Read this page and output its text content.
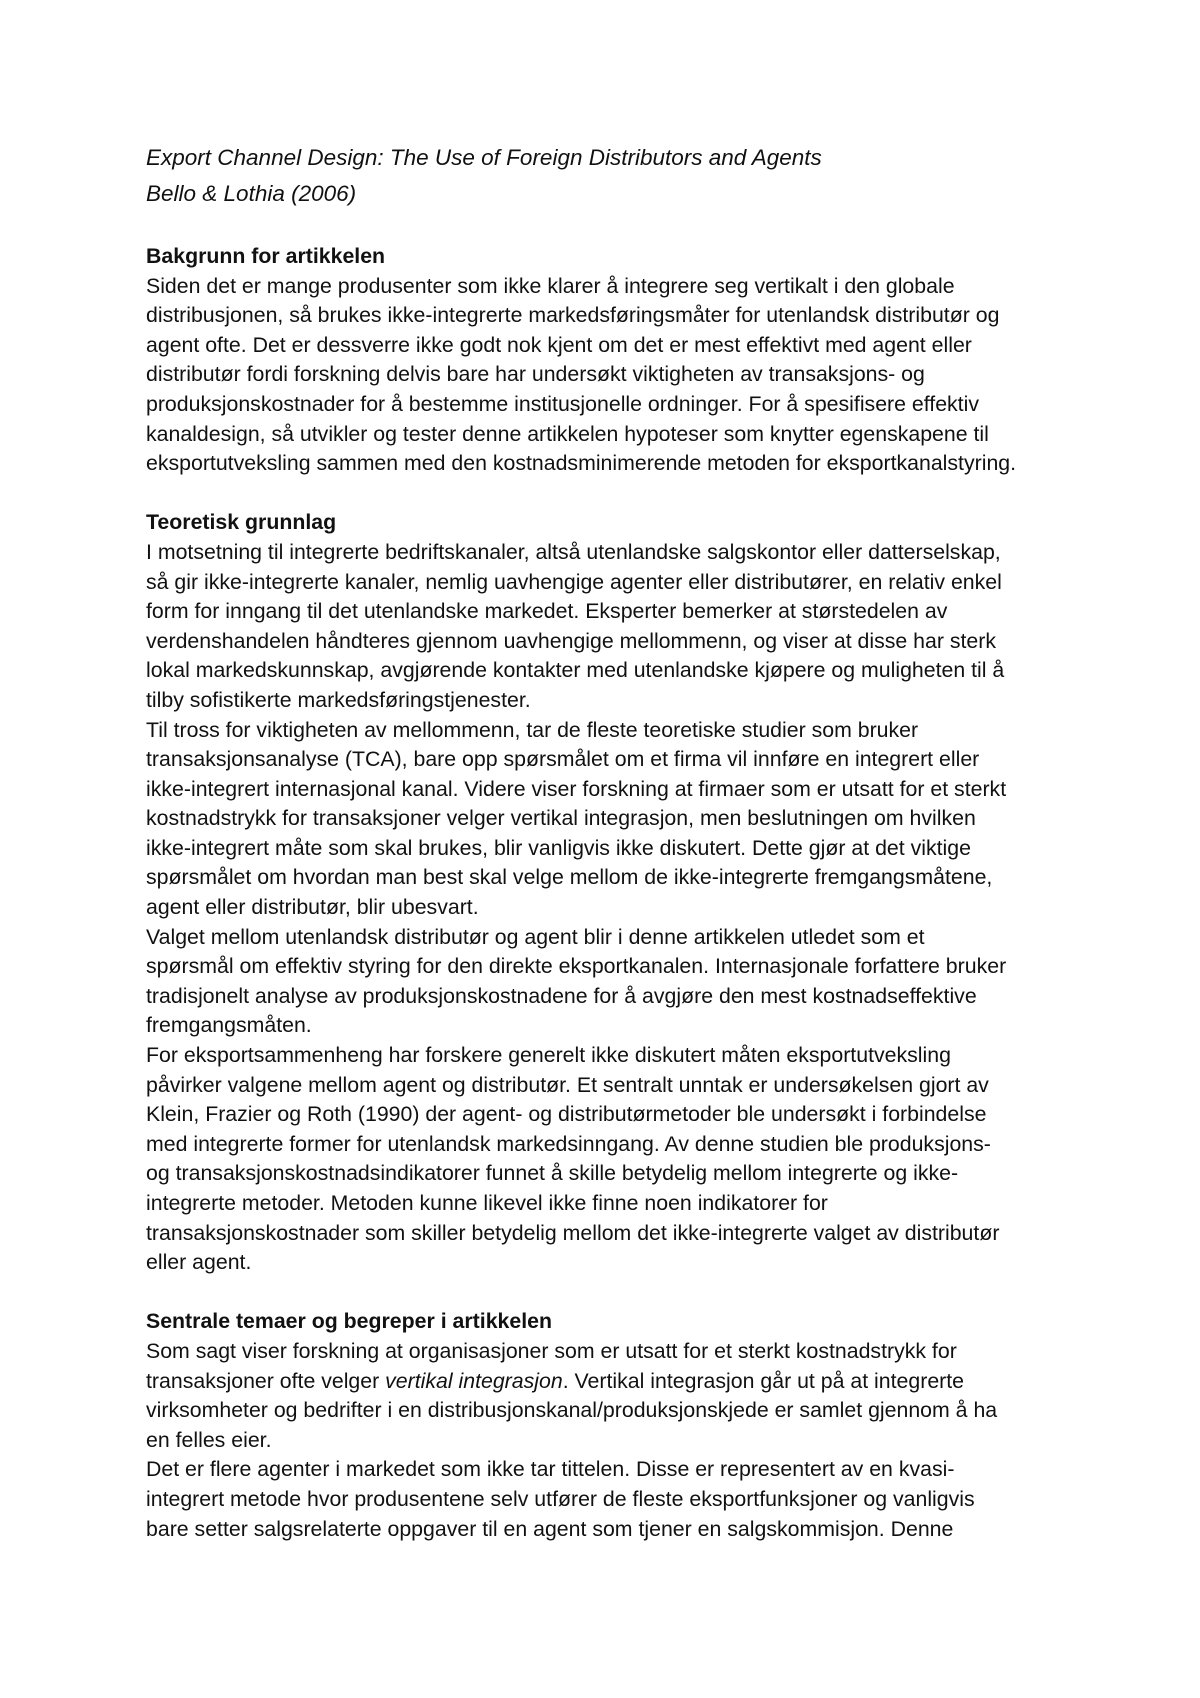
Export Channel Design: The Use of Foreign Distributors and Agents

Bello & Lothia (2006)

Bakgrunn for artikkelen

Siden det er mange produsenter som ikke klarer å integrere seg vertikalt i den globale
distribusjonen, så brukes ikke-integrerte markedsføringsmåter for utenlandsk distributør og
agent ofte. Det er dessverre ikke godt nok kjent om det er mest effektivt med agent eller
distributør fordi forskning delvis bare har undersøkt viktigheten av transaksjons- og
produksjonskostnader for å bestemme institusjonelle ordninger. For å spesifisere effektiv
kanaldesign, så utvikler og tester denne artikkelen hypoteser som knytter egenskapene til
eksportutveksling sammen med den kostnadsminimerende metoden for eksportkanalstyring.

Teoretisk grunnlag

I motsetning til integrerte bedriftskanaler, altså utenlandske salgskontor eller datterselskap,
så gir ikke-integrerte kanaler, nemlig uavhengige agenter eller distributører, en relativ enkel
form for inngang til det utenlandske markedet. Eksperter bemerker at størstedelen av
verdenshandelen håndteres gjennom uavhengige mellommenn, og viser at disse har sterk
lokal markedskunnskap, avgjørende kontakter med utenlandske kjøpere og muligheten til å
tilby sofistikerte markedsføringstjenester.
Til tross for viktigheten av mellommenn, tar de fleste teoretiske studier som bruker
transaksjonsanalyse (TCA), bare opp spørsmålet om et firma vil innføre en integrert eller
ikke-integrert internasjonal kanal. Videre viser forskning at firmaer som er utsatt for et sterkt
kostnadstrykk for transaksjoner velger vertikal integrasjon, men beslutningen om hvilken
ikke-integrert måte som skal brukes, blir vanligvis ikke diskutert. Dette gjør at det viktige
spørsmålet om hvordan man best skal velge mellom de ikke-integrerte fremgangsmåtene,
agent eller distributør, blir ubesvart.
Valget mellom utenlandsk distributør og agent blir i denne artikkelen utledet som et
spørsmål om effektiv styring for den direkte eksportkanalen. Internasjonale forfattere bruker
tradisjonelt analyse av produksjonskostnadene for å avgjøre den mest kostnadseffektive
fremgangsmåten.
For eksportsammenheng har forskere generelt ikke diskutert måten eksportutveksling
påvirker valgene mellom agent og distributør. Et sentralt unntak er undersøkelsen gjort av
Klein, Frazier og Roth (1990) der agent- og distributørmetoder ble undersøkt i forbindelse
med integrerte former for utenlandsk markedsinngang. Av denne studien ble produksjons-
og transaksjonskostnadsindikatorer funnet å skille betydelig mellom integrerte og ikke-
integrerte metoder. Metoden kunne likevel ikke finne noen indikatorer for
transaksjonskostnader som skiller betydelig mellom det ikke-integrerte valget av distributør
eller agent.

Sentrale temaer og begreper i artikkelen

Som sagt viser forskning at organisasjoner som er utsatt for et sterkt kostnadstrykk for
transaksjoner ofte velger vertikal integrasjon. Vertikal integrasjon går ut på at integrerte
virksomheter og bedrifter i en distribusjonskanal/produksjonskjede er samlet gjennom å ha
en felles eier.
Det er flere agenter i markedet som ikke tar tittelen. Disse er representert av en kvasi-
integrert metode hvor produsentene selv utfører de fleste eksportfunksjoner og vanligvis
bare setter salgsrelaterte oppgaver til en agent som tjener en salgskommisjon. Denne
